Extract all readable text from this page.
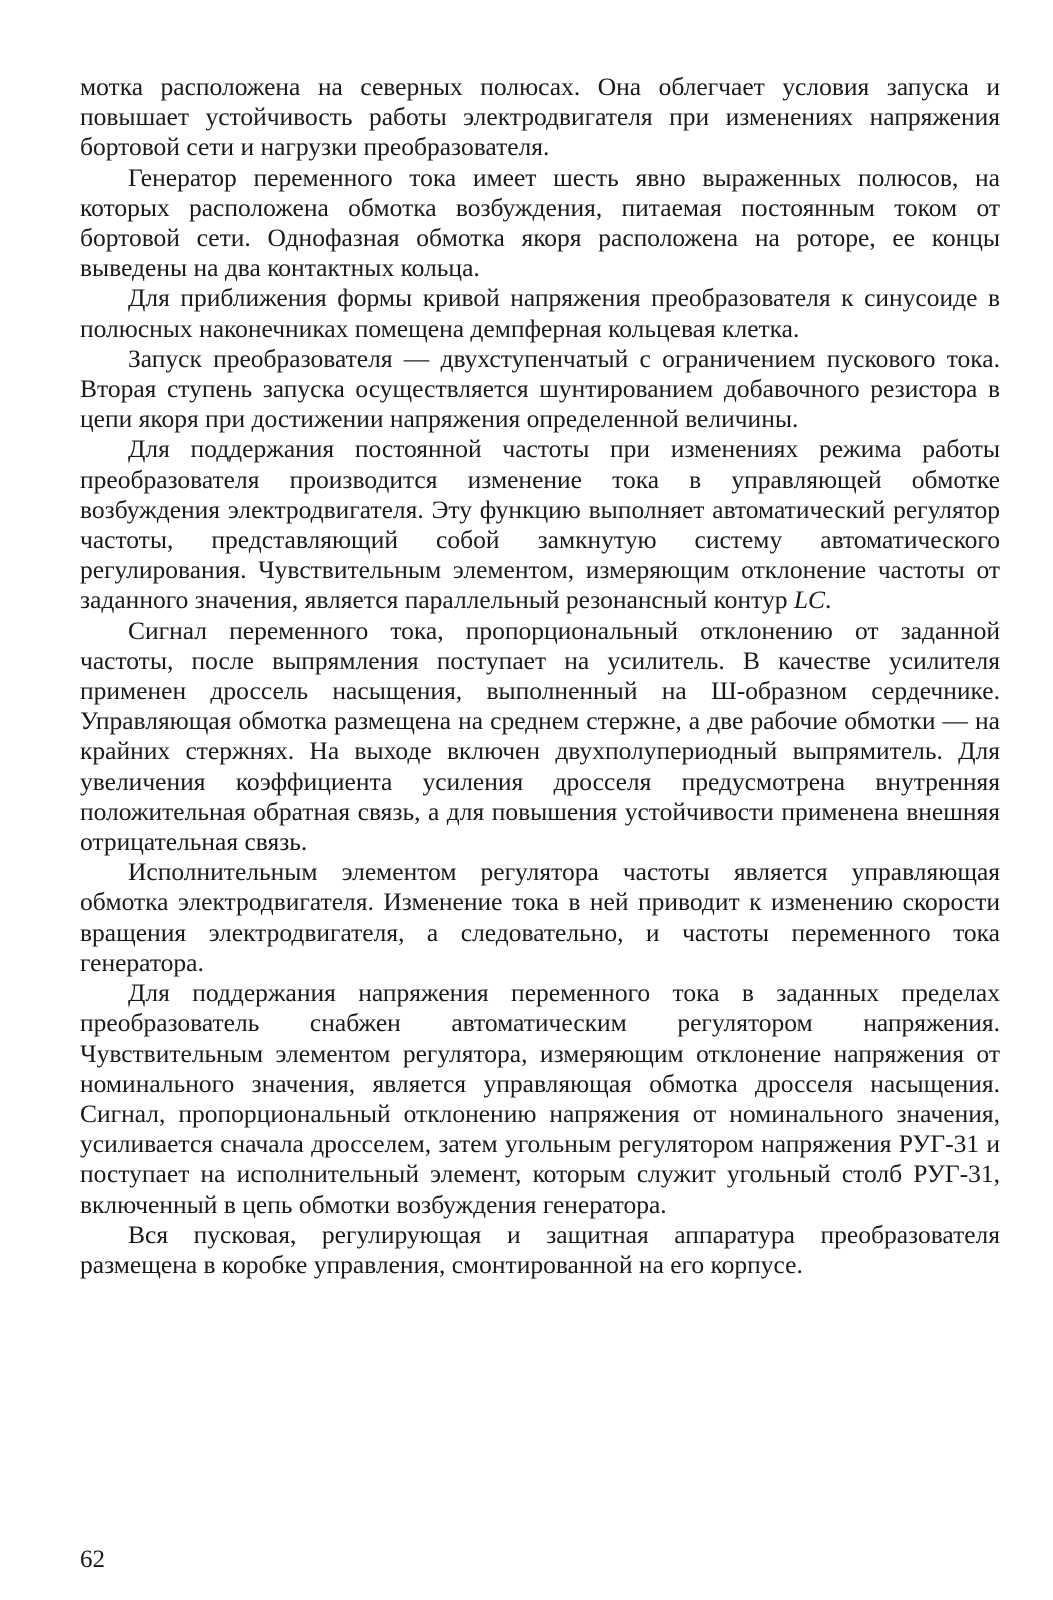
мотка расположена на северных полюсах. Она облегчает условия запуска и повышает устойчивость работы электродвигателя при изменениях напряжения бортовой сети и нагрузки преобразователя.

Генератор переменного тока имеет шесть явно выраженных полюсов, на которых расположена обмотка возбуждения, питаемая постоянным током от бортовой сети. Однофазная обмотка якоря расположена на роторе, ее концы выведены на два контактных кольца.

Для приближения формы кривой напряжения преобразователя к синусоиде в полюсных наконечниках помещена демпферная кольцевая клетка.

Запуск преобразователя — двухступенчатый с ограничением пускового тока. Вторая ступень запуска осуществляется шунтированием добавочного резистора в цепи якоря при достижении напряжения определенной величины.

Для поддержания постоянной частоты при изменениях режима работы преобразователя производится изменение тока в управляющей обмотке возбуждения электродвигателя. Эту функцию выполняет автоматический регулятор частоты, представляющий собой замкнутую систему автоматического регулирования. Чувствительным элементом, измеряющим отклонение частоты от заданного значения, является параллельный резонансный контур LC.

Сигнал переменного тока, пропорциональный отклонению от заданной частоты, после выпрямления поступает на усилитель. В качестве усилителя применен дроссель насыщения, выполненный на Ш-образном сердечнике. Управляющая обмотка размещена на среднем стержне, а две рабочие обмотки — на крайних стержнях. На выходе включен двухполупериодный выпрямитель. Для увеличения коэффициента усиления дросселя предусмотрена внутренняя положительная обратная связь, а для повышения устойчивости применена внешняя отрицательная связь.

Исполнительным элементом регулятора частоты является управляющая обмотка электродвигателя. Изменение тока в ней приводит к изменению скорости вращения электродвигателя, а следовательно, и частоты переменного тока генератора.

Для поддержания напряжения переменного тока в заданных пределах преобразователь снабжен автоматическим регулятором напряжения. Чувствительным элементом регулятора, измеряющим отклонение напряжения от номинального значения, является управляющая обмотка дросселя насыщения. Сигнал, пропорциональный отклонению напряжения от номинального значения, усиливается сначала дросселем, затем угольным регулятором напряжения РУГ-31 и поступает на исполнительный элемент, которым служит угольный столб РУГ-31, включенный в цепь обмотки возбуждения генератора.

Вся пусковая, регулирующая и защитная аппаратура преобразователя размещена в коробке управления, смонтированной на его корпусе.

62
